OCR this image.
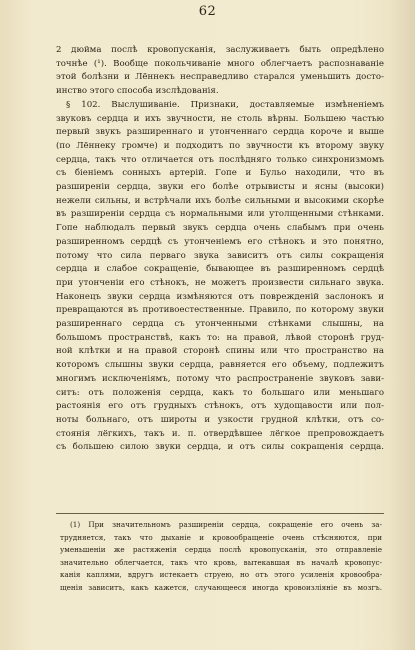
62
2 дюйма послѣ кровопусканія, заслуживаетъ быть опредѣлено
точнѣе (¹). Вообще покольчиваніе много облегчаетъ распознаваніе
этой болѣзни и Лённекъ несправедливо старался уменьшить досто-
инство этого способа изслѣдованія.
§ 102. Выслушиваніе. Признаки, доставляемые измѣненіемъ
звуковъ сердца и ихъ звучности, не столь вѣрны. Большею частью
первый звукъ разширеннаго и утонченнаго сердца короче и выше
(по Лённеку громче) и подходитъ по звучности къ второму звуку
сердца, такъ что отличается отъ послѣдняго только синхронизмомъ
съ біеніемъ сонныхъ артерій. Гопе и Бульо находили, что въ
разширеніи сердца, звуки его болѣе отрывисты и ясны (высоки)
нежели сильны, и встрѣчали ихъ болѣе сильными и высокими скорѣе
въ разширеніи сердца съ нормальными или утолщенными стѣнками.
Гопе наблюдалъ первый звукъ сердца очень слабымъ при очень
разширенномъ сердцѣ съ утонченіемъ его стѣнокъ и это понятно,
потому что сила перваго звука зависитъ отъ силы сокращенія
сердца и слабое сокращеніе, бывающее въ разширенномъ сердцѣ
при утонченіи его стѣнокъ, не можетъ произвести сильнаго звука.
Наконецъ звуки сердца измѣняются отъ поврежденій заслонокъ и
превращаются въ противоестественные. Правило, по которому звуки
разширеннаго сердца съ утонченными стѣнками слышны, на
большомъ пространствѣ, какъ то: на правой, лѣвой сторонѣ груд-
ной клѣтки и на правой сторонѣ спины или что пространство на
которомъ слышны звуки сердца, равняется его объему, подлежитъ
многимъ исключеніямъ, потому что распространеніе звуковъ зави-
ситъ: отъ положенія сердца, какъ то большаго или меньшаго
растоянія его отъ грудныхъ стѣнокъ, отъ худощавости или пол-
ноты больнаго, отъ широты и узкости грудной клѣтки, отъ со-
стоянія лёгкихъ, такъ и. п. отвердѣвшее лёгкое препровождаетъ
съ большею силою звуки сердца, и отъ силы сокращенія сердца.
(1) При значительномъ разширеніи сердца, сокращеніе его очень за-
трудняется, такъ что дыханіе и кровообращеніе очень стѣсняются, при
уменьшеніи же растяженія сердца послѣ кровопусканія, это отправленіе
значительно облегчается, такъ что кровь, вытекавшая въ началѣ кровопус-
канія каплями, вдругъ истекаетъ струею, но отъ этого усиленія кровообра-
щенія зависитъ, какъ кажется, случающееся иногда кровоизліяніе въ мозгъ.
